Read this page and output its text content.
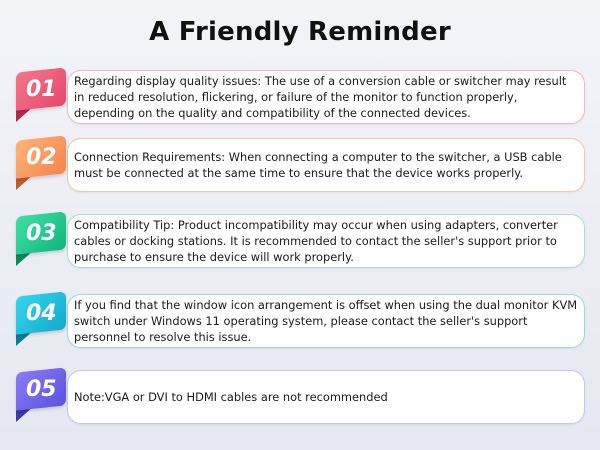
A Friendly Reminder
Regarding display quality issues: The use of a conversion cable or switcher may result in reduced resolution, flickering, or failure of the monitor to function properly, depending on the quality and compatibility of the connected devices.
01
Connection Requirements: When connecting a computer to the switcher, a USB cable must be connected at the same time to ensure that the device works properly.
02
Compatibility Tip: Product incompatibility may occur when using adapters, converter cables or docking stations. It is recommended to contact the seller's support prior to purchase to ensure the device will work properly.
03
If you find that the window icon arrangement is offset when using the dual monitor KVM switch under Windows 11 operating system, please contact the seller's support personnel to resolve this issue.
04
Note:VGA or DVI to HDMI cables are not recommended
05
